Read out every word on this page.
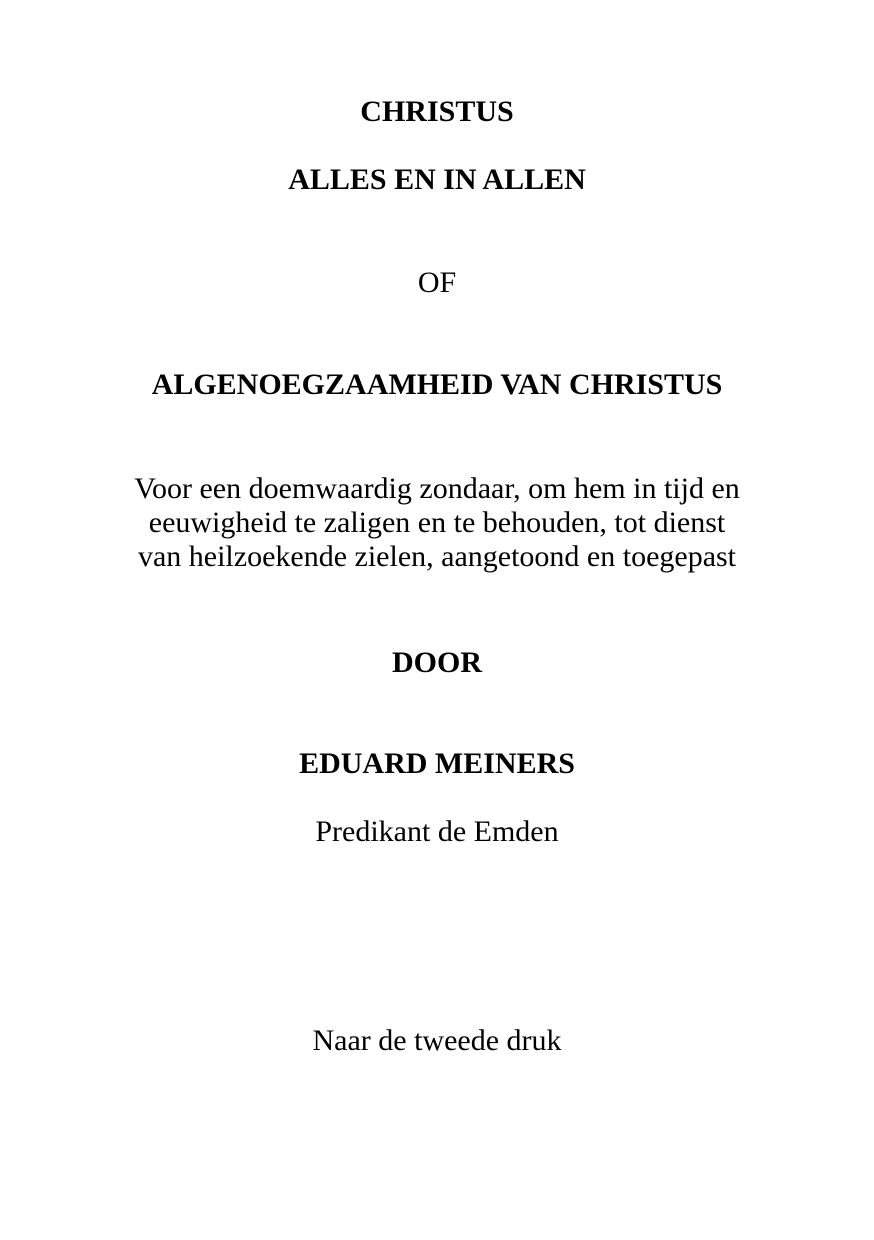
CHRISTUS
ALLES EN IN ALLEN

OF

ALGENOEGZAAMHEID VAN CHRISTUS
Voor een doemwaardig zondaar, om hem in tijd en
eeuwigheid te zaligen en te behouden, tot dienst
van heilzoekende zielen, aangetoond en toegepast

DOOR

EDUARD MEINERS

Predikant de Emden

Naar de tweede druk
